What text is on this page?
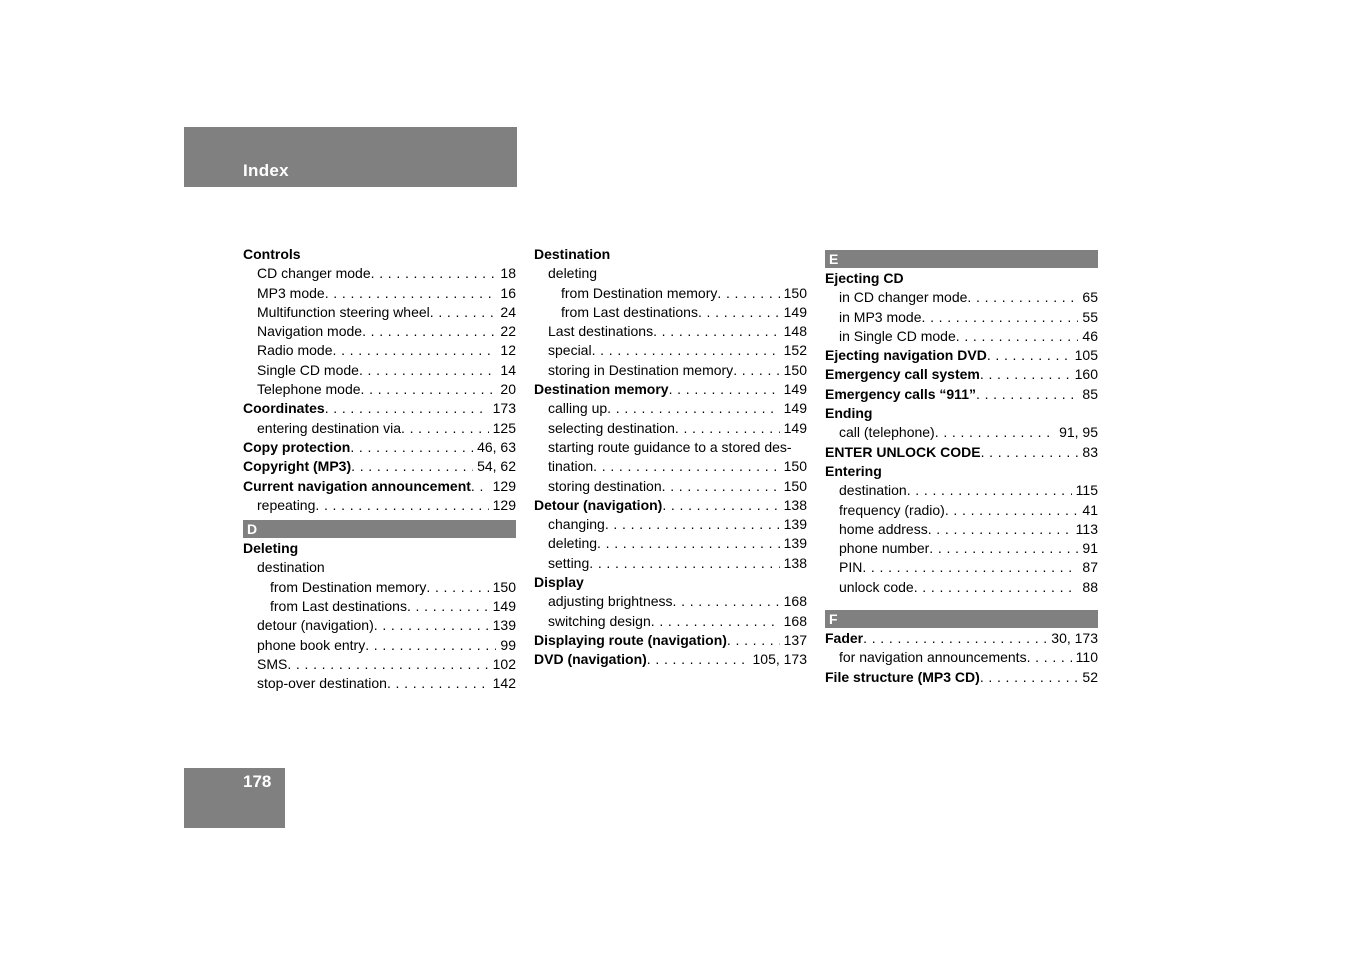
Index
Controls
CD changer mode . . .	18
MP3 mode . . .	16
Multifunction steering wheel . . .	24
Navigation mode . . .	22
Radio mode . . .	12
Single CD mode . . .	14
Telephone mode . . .	20
Coordinates . . .	173
entering destination via . . .	125
Copy protection . . .	46, 63
Copyright (MP3) . . .	54, 62
Current navigation announcement . . . 129
repeating . . .	129
D
Deleting
destination
from Destination memory . . .	150
from Last destinations . . .	149
detour (navigation) . . .	139
phone book entry . . .	99
SMS . . .	102
stop-over destination . . .	142
Destination
deleting
from Destination memory . . .	150
from Last destinations . . .	149
Last destinations . . .	148
special . . .	152
storing in Destination memory . . .	150
Destination memory . . .	149
calling up . . .	149
selecting destination . . .	149
starting route guidance to a stored des-
tination . . .	150
storing destination . . .	150
Detour (navigation) . . .	138
changing . . .	139
deleting . . .	139
setting . . .	138
Display
adjusting brightness . . .	168
switching design . . .	168
Displaying route (navigation) . . .	137
DVD (navigation) . . .	105, 173
E
Ejecting CD
in CD changer mode . . .	65
in MP3 mode . . .	55
in Single CD mode . . .	46
Ejecting navigation DVD . . .	105
Emergency call system . . .	160
Emergency calls “911” . . .	85
Ending
call (telephone) . . .	91, 95
ENTER UNLOCK CODE . . .	83
Entering
destination . . .	115
frequency (radio) . . .	41
home address . . .	113
phone number . . .	91
PIN . . .	87
unlock code . . .	88
F
Fader . . .	30, 173
for navigation announcements . . .	110
File structure (MP3 CD) . . .	52
178
